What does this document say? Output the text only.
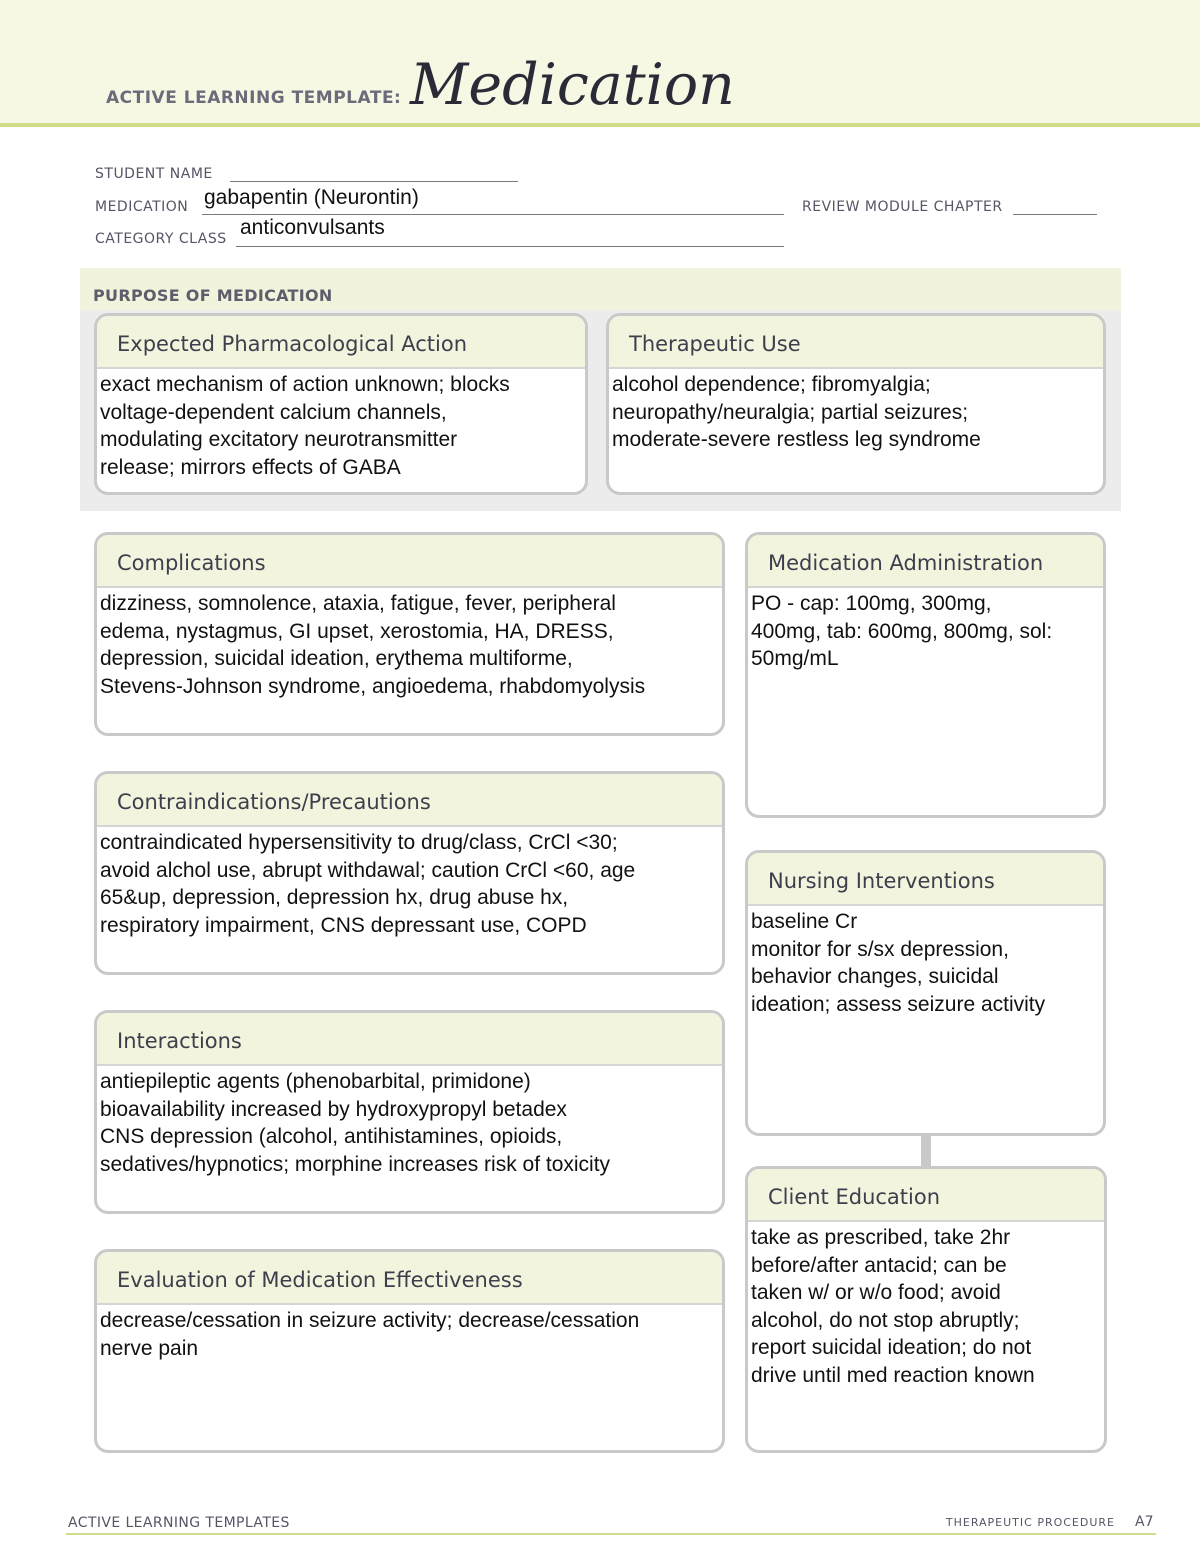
ACTIVE LEARNING TEMPLATE: Medication
STUDENT NAME
MEDICATION gabapentin (Neurontin)	REVIEW MODULE CHAPTER
CATEGORY CLASS anticonvulsants
PURPOSE OF MEDICATION
Expected Pharmacological Action
exact mechanism of action unknown; blocks
voltage-dependent calcium channels,
modulating excitatory neurotransmitter
release; mirrors effects of GABA
Therapeutic Use
alcohol dependence; fibromyalgia;
neuropathy/neuralgia; partial seizures;
moderate-severe restless leg syndrome
Complications
dizziness, somnolence, ataxia, fatigue, fever, peripheral
edema, nystagmus, GI upset, xerostomia, HA, DRESS,
depression, suicidal ideation, erythema multiforme,
Stevens-Johnson syndrome, angioedema, rhabdomyolysis
Contraindications/Precautions
contraindicated hypersensitivity to drug/class, CrCl <30;
avoid alchol use, abrupt withdawal; caution CrCl <60, age
65&up, depression, depression hx, drug abuse hx,
respiratory impairment, CNS depressant use, COPD
Interactions
antiepileptic agents (phenobarbital, primidone)
bioavailability increased by hydroxypropyl betadex
CNS depression (alcohol, antihistamines, opioids,
sedatives/hypnotics; morphine increases risk of toxicity
Evaluation of Medication Effectiveness
decrease/cessation in seizure activity; decrease/cessation
nerve pain
Medication Administration
PO - cap: 100mg, 300mg,
400mg, tab: 600mg, 800mg, sol:
50mg/mL
Nursing Interventions
baseline Cr
monitor for s/sx depression,
behavior changes, suicidal
ideation; assess seizure activity
Client Education
take as prescribed, take 2hr
before/after antacid; can be
taken w/ or w/o food; avoid
alcohol, do not stop abruptly;
report suicidal ideation; do not
drive until med reaction known
ACTIVE LEARNING TEMPLATES	THERAPEUTIC PROCEDURE A7
